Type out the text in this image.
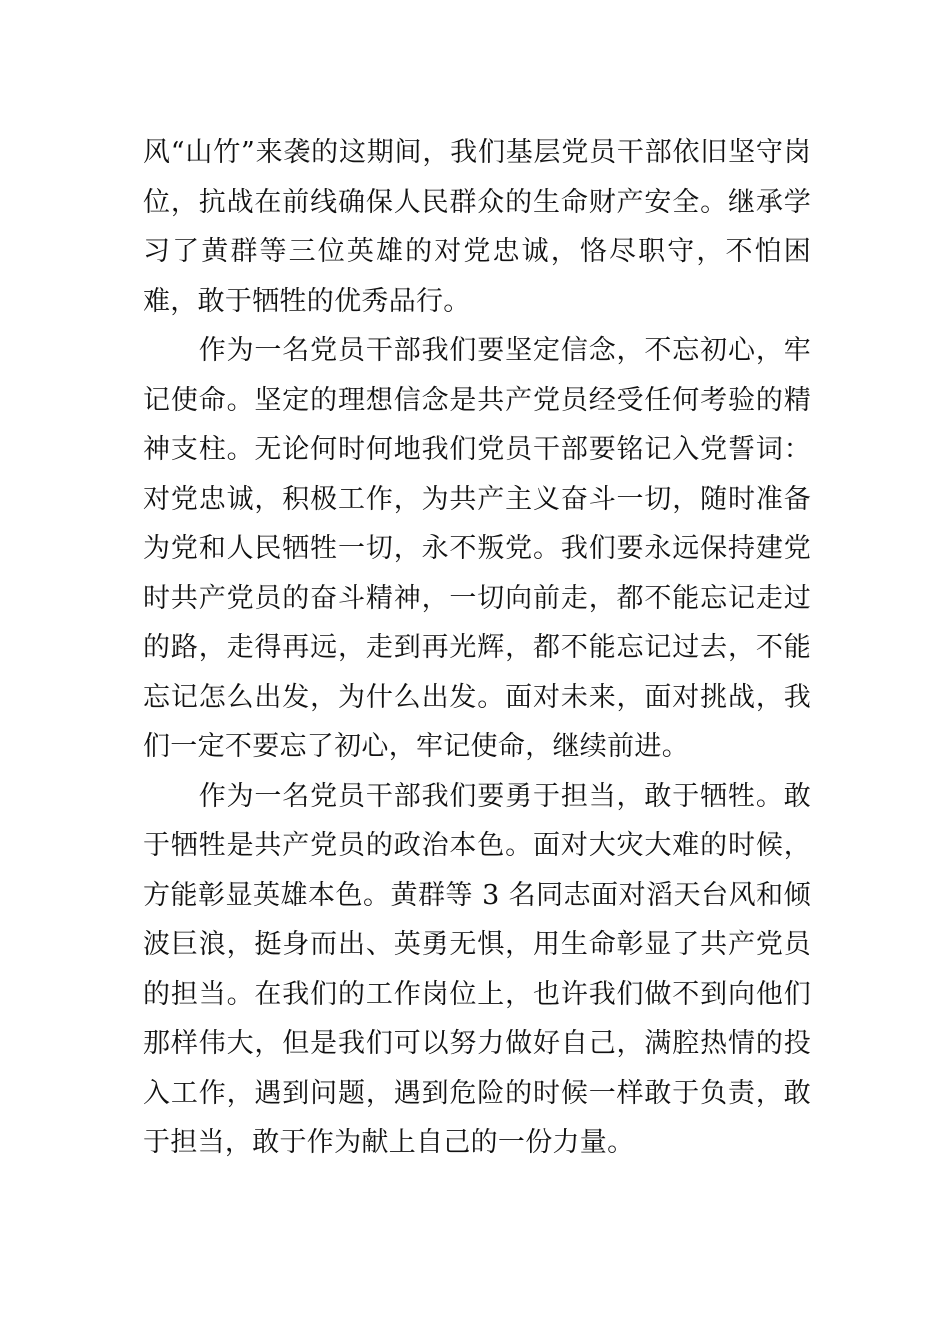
风“山竹”来袭的这期间，我们基层党员干部依旧坚守岗位，抗战在前线确保人民群众的生命财产安全。继承学习了黄群等三位英雄的对党忠诚，恪尽职守，不怕困难，敢于牺牲的优秀品行。

　　作为一名党员干部我们要坚定信念，不忘初心，牢记使命。坚定的理想信念是共产党员经受任何考验的精神支柱。无论何时何地我们党员干部要铭记入党誓词：对党忠诚，积极工作，为共产主义奋斗一切，随时准备为党和人民牺牲一切，永不叛党。我们要永远保持建党时共产党员的奋斗精神，一切向前走，都不能忘记走过的路，走得再远，走到再光辉，都不能忘记过去，不能忘记怎么出发，为什么出发。面对未来，面对挑战，我们一定不要忘了初心，牢记使命，继续前进。

　　作为一名党员干部我们要勇于担当，敢于牺牲。敢于牺牲是共产党员的政治本色。面对大灾大难的时候，方能彰显英雄本色。黄群等 3 名同志面对滔天台风和倾波巨浪，挺身而出、英勇无惧，用生命彰显了共产党员的担当。在我们的工作岗位上，也许我们做不到向他们那样伟大，但是我们可以努力做好自己，满腔热情的投入工作，遇到问题，遇到危险的时候一样敢于负责，敢于担当，敢于作为献上自己的一份力量。
